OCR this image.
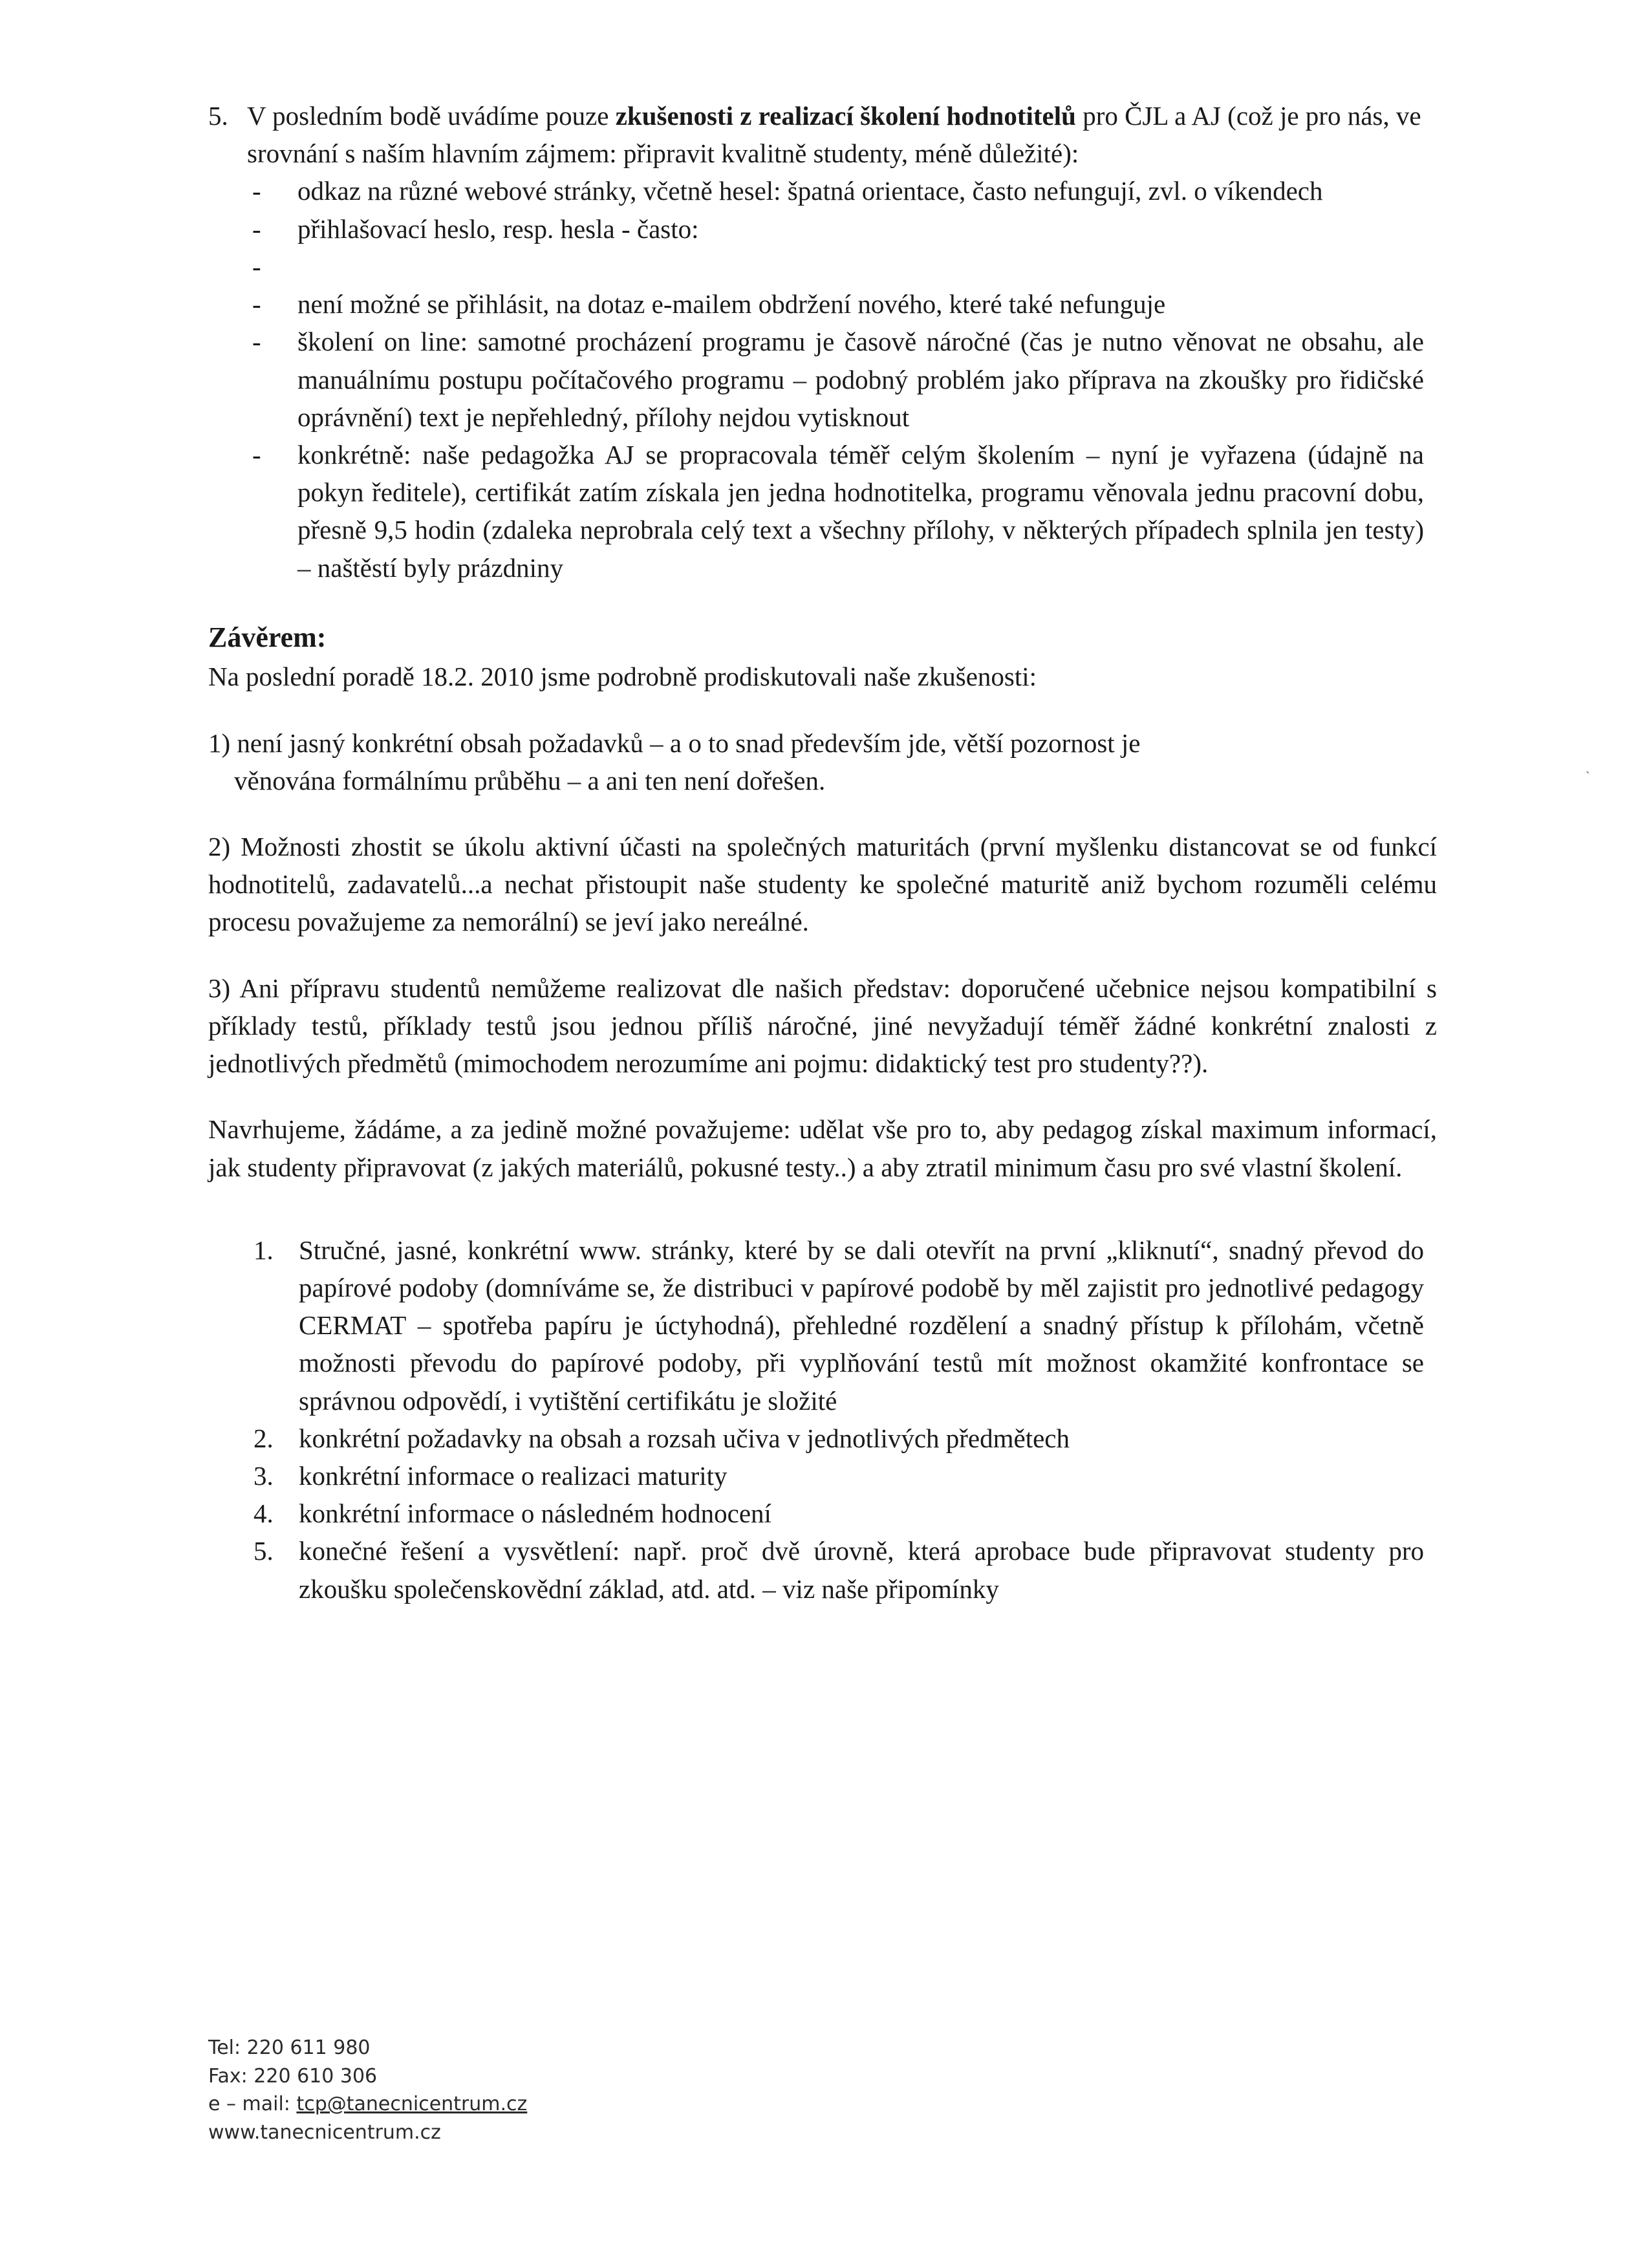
5. V posledním bodě uvádíme pouze zkušenosti z realizací školení hodnotitelů pro ČJL a AJ (což je pro nás, ve srovnání s naším hlavním zájmem: připravit kvalitně studenty, méně důležité):
-	odkaz na různé webové stránky, včetně hesel: špatná orientace, často nefungují, zvl. o víkendech
-	přihlašovací heslo, resp. hesla - často:
-
-	není možné se přihlásit, na dotaz e-mailem obdržení nového, které také nefunguje
-	školení on line: samotné procházení programu je časově náročné (čas je nutno věnovat ne obsahu, ale manuálnímu postupu počítačového programu – podobný problém jako příprava na zkoušky pro řidičské oprávnění) text je nepřehledný, přílohy nejdou vytisknout
-	konkrétně: naše pedagožka AJ se propracovala téměř celým školením – nyní je vyřazena (údajně na pokyn ředitele), certifikát zatím získala jen jedna hodnotitelka, programu věnovala jednu pracovní dobu, přesně 9,5 hodin (zdaleka neprobrala celý text a všechny přílohy, v některých případech splnila jen testy) – naštěstí byly prázdniny
Závěrem:

Na poslední poradě 18.2. 2010 jsme podrobně prodiskutovali naše zkušenosti:

1) není jasný konkrétní obsah požadavků – a o to snad především jde, větší pozornost je
věnována formálnímu průběhu – a ani ten není dořešen.

2) Možnosti zhostit se úkolu aktivní účasti na společných maturitách (první myšlenku distancovat se od funkcí hodnotitelů, zadavatelů...a nechat přistoupit naše studenty ke společné maturitě aniž bychom rozuměli celému procesu považujeme za nemorální) se jeví jako nereálné.

3) Ani přípravu studentů nemůžeme realizovat dle našich představ: doporučené učebnice nejsou kompatibilní s příklady testů, příklady testů jsou jednou příliš náročné, jiné nevyžadují téměř žádné konkrétní znalosti z jednotlivých předmětů (mimochodem nerozumíme ani pojmu: didaktický test pro studenty??).

Navrhujeme, žádáme, a za jedině možné považujeme: udělat vše pro to, aby pedagog získal maximum informací, jak studenty připravovat (z jakých materiálů, pokusné testy..) a aby ztratil minimum času pro své vlastní školení.

1. Stručné, jasné, konkrétní www. stránky, které by se dali otevřít na první „kliknutí“, snadný převod do papírové podoby (domníváme se, že distribuci v papírové podobě by měl zajistit pro jednotlivé pedagogy CERMAT – spotřeba papíru je úctyhodná), přehledné rozdělení a snadný přístup k přílohám, včetně možnosti převodu do papírové podoby, při vyplňování testů mít možnost okamžité konfrontace se správnou odpovědí, i vytištění certifikátu je složité
2. konkrétní požadavky na obsah a rozsah učiva v jednotlivých předmětech
3. konkrétní informace o realizaci maturity
4. konkrétní informace o následném hodnocení
5. konečné řešení a vysvětlení: např. proč dvě úrovně, která aprobace bude připravovat studenty pro zkoušku společenskovědní základ, atd. atd. – viz naše připomínky
`
Tel: 220 611 980
Fax: 220 610 306
e – mail: tcp@tanecnicentrum.cz
www.tanecnicentrum.cz
